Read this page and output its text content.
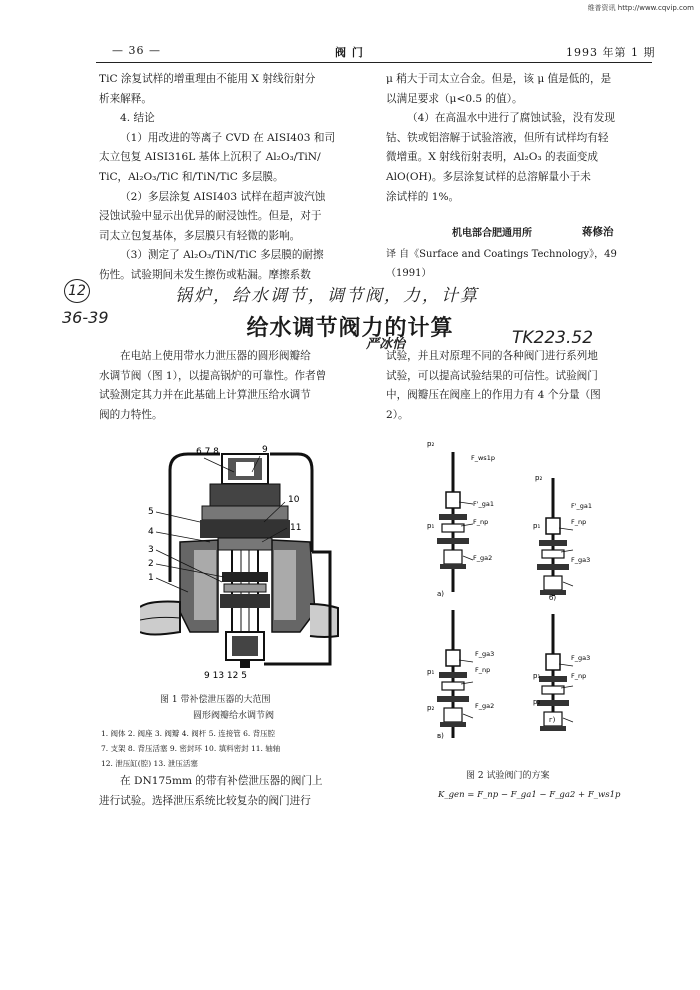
维普资讯 http://www.cqvip.com
— 36 —	阀 门	1993 年第 1 期

TiC 涂复试样的增重理由不能用 X 射线衍射分

析来解释。

4. 结论

（1）用改进的等离子 CVD 在 AISI403 和司

太立包复 AISI316L 基体上沉积了 Al₂O₃/TiN/

TiC，Al₂O₃/TiC 和/TiN/TiC 多层膜。

（2）多层涂复 AISI403 试样在超声波汽蚀

浸蚀试验中显示出优异的耐浸蚀性。但是，对于

司太立包复基体，多层膜只有轻微的影响。

（3）测定了 Al₂O₃/TiN/TiC 多层膜的耐擦

伤性。试验期间未发生擦伤或粘漏。摩擦系数

μ 稍大于司太立合金。但是，该 μ 值是低的，是

以满足要求（μ<0.5 的值）。

（4）在高温水中进行了腐蚀试验，没有发现

钴、铁或铝溶解于试验溶液，但所有试样均有轻

微增重。X 射线衍射表明，Al₂O₃ 的表面变成

AlO(OH)。多层涂复试样的总溶解量小于未

涂试样的 1%。

机电部合肥通用所	蒋修治
译 自《Surface and Coatings Technology》，49
（1991）
12
36-39
锅炉，给水调节，调节阀，力，计算
TK223.52
给水调节阀力的计算
严冰怡

在电站上使用带水力泄压器的圆形阀瓣给

水调节阀（图 1），以提高锅炉的可靠性。作者曾

试验测定其力并在此基础上计算泄压给水调节

阀的力特性。

试验，并且对原理不同的各种阀门进行系列地

试验，可以提高试验结果的可信性。试验阀门

中，阀瓣压在阀座上的作用力有 4 个分量（图

2）。

6 7 8	9
10
11
5
4
3
2
1
9 13 12 5
图 1 带补偿泄压器的大范围
圆形阀瓣给水调节阀
1. 阀体 2. 阀座 3. 阀瓣 4. 阀杆 5. 连接管 6. 背压腔
7. 支架 8. 背压活塞 9. 密封环 10. 填料密封 11. 轴轴
12. 泄压缸(腔) 13. 泄压活塞

在 DN175mm 的带有补偿泄压器的阀门上

进行试验。选择泄压系统比较复杂的阀门进行

p₂
F_ws1p
F'_ga1
F_np
F_ga2
p₁
a)
p₂
F'_ga1
F_np
F_ga3
p₁
б)
F_ga3
F_np
F_ga2
p₁
p₂
в)
F_ga3
F_np
p₁
p₂
г)
图 2 试验阀门的方案
K_gen = F_np − F_ga1 − F_ga2 + F_ws1p
